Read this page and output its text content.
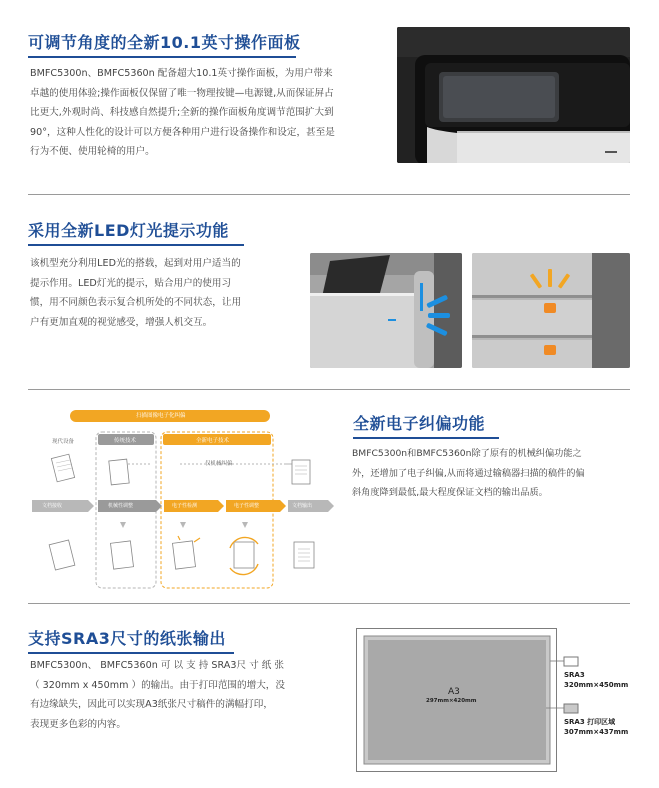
可调节角度的全新10.1英寸操作面板
BMFC5300n、BMFC5360n 配备超大10.1英寸操作面板，为用户带来
卓越的使用体验;操作面板仅保留了唯一物理按键—电源键,从而保证屏占
比更大,外观时尚、科技感自然提升;全新的操作面板角度调节范围扩大到
90°，这种人性化的设计可以方便各种用户进行设备操作和设定，甚至是
行为不便、使用轮椅的用户。
采用全新LED灯光提示功能
该机型充分利用LED光的搭载，起到对用户适当的
提示作用。LED灯光的提示，贴合用户的使用习
惯，用不同颜色表示复合机所处的不同状态，让用
户有更加直观的视觉感受，增强人机交互。
扫描图像电子化纠偏
现代设备	传统技术	全新电子技术
仅机械纠偏
文档接收	机械性调整	电子性检测	电子性调整	文档输出
全新电子纠偏功能
BMFC5300n和BMFC5360n除了原有的机械纠偏功能之
外，还增加了电子纠偏,从而将通过输稿器扫描的稿件的偏
斜角度降到最低,最大程度保证文档的输出品质。
支持SRA3尺寸的纸张输出
BMFC5300n、 BMFC5360n 可 以 支 持 SRA3尺 寸 纸 张
（ 320mm x 450mm ）的输出。由于打印范围的增大，没
有边缘缺失，因此可以实现A3纸张尺寸稿件的满幅打印，
表现更多色彩的内容。
A3
297mm×420mm
SRA3
320mm×450mm
SRA3 打印区域
307mm×437mm
